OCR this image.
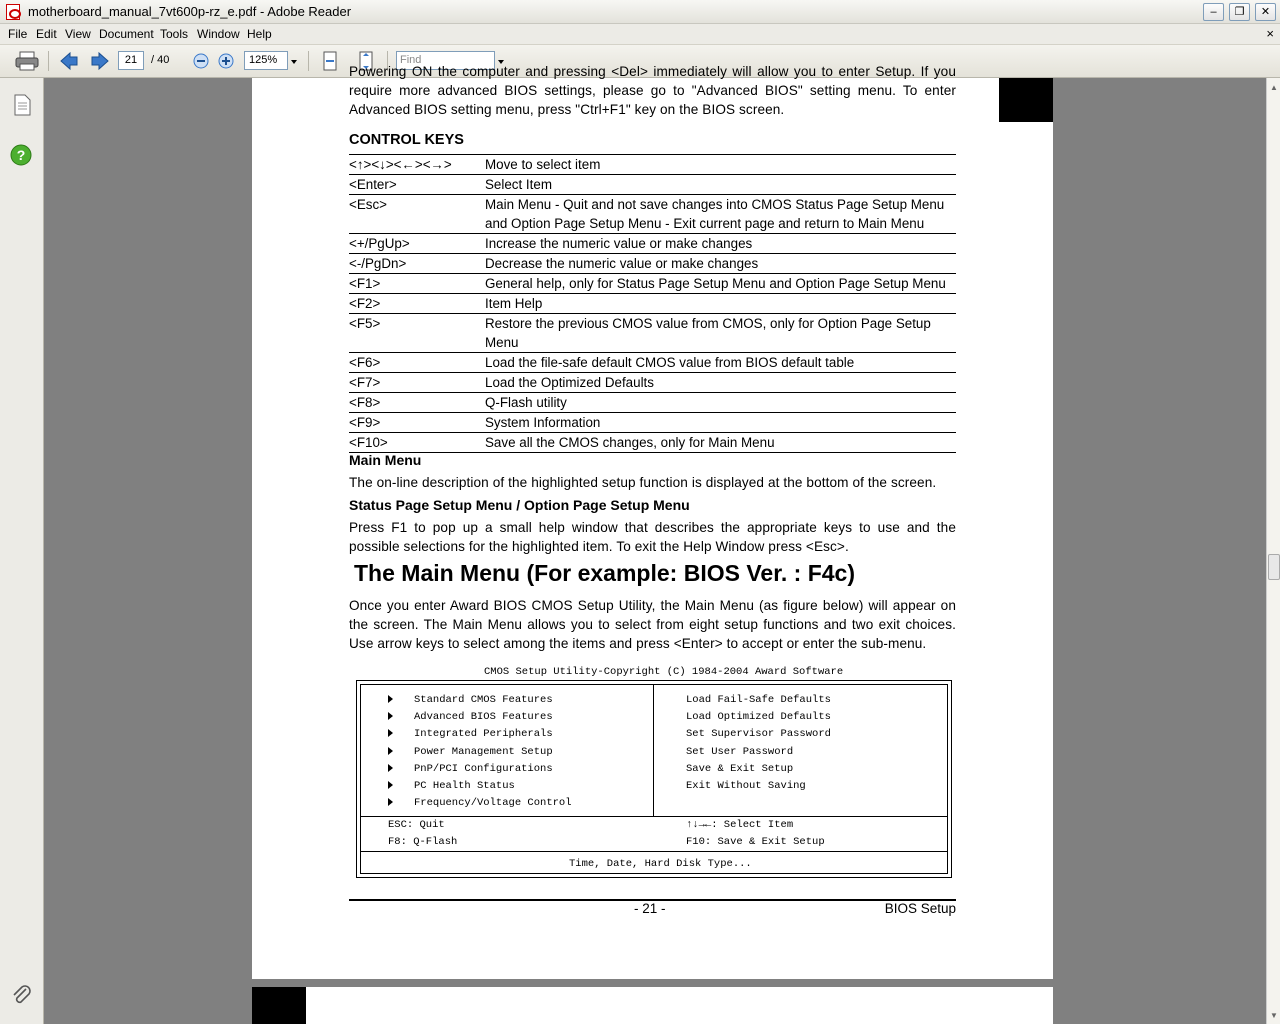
motherboard_manual_7vt600p-rz_e.pdf - Adobe Reader	–	❐	✕
File Edit View Document Tools Window Help	×
21	/ 40	125%	Find
?
▲
▼
Powering ON the computer and pressing <Del> immediately will allow you to enter Setup. If you require more advanced BIOS settings, please go to "Advanced BIOS" setting menu. To enter Advanced BIOS setting menu, press "Ctrl+F1" key on the BIOS screen.
CONTROL KEYS
<↑><↓><←><→>	Move to select item
<Enter>	Select Item
<Esc>	Main Menu - Quit and not save changes into CMOS Status Page Setup Menu and Option Page Setup Menu - Exit current page and return to Main Menu
<+/PgUp>	Increase the numeric value or make changes
<-/PgDn>	Decrease the numeric value or make changes
<F1>	General help, only for Status Page Setup Menu and Option Page Setup Menu
<F2>	Item Help
<F5>	Restore the previous CMOS value from CMOS, only for Option Page Setup Menu
<F6>	Load the file-safe default CMOS value from BIOS default table
<F7>	Load the Optimized Defaults
<F8>	Q-Flash utility
<F9>	System Information
<F10>	Save all the CMOS changes, only for Main Menu
Main Menu
The on-line description of the highlighted setup function is displayed at the bottom of the screen.
Status Page Setup Menu / Option Page Setup Menu
Press F1 to pop up a small help window that describes the appropriate keys to use and the possible selections for the highlighted item. To exit the Help Window press <Esc>.
The Main Menu (For example: BIOS Ver. : F4c)
Once you enter Award BIOS CMOS Setup Utility, the Main Menu (as figure below) will appear on the screen. The Main Menu allows you to select from eight setup functions and two exit choices. Use arrow keys to select among the items and press <Enter> to accept or enter the sub-menu.
CMOS Setup Utility-Copyright (C) 1984-2004 Award Software
Standard CMOS Features
Advanced BIOS Features
Integrated Peripherals
Power Management Setup
PnP/PCI Configurations
PC Health Status
Frequency/Voltage Control
Load Fail-Safe Defaults
Load Optimized Defaults
Set Supervisor Password
Set User Password
Save & Exit Setup
Exit Without Saving
ESC: Quit	↑↓→←: Select Item
F8: Q-Flash	F10: Save & Exit Setup
Time, Date, Hard Disk Type...
- 21 -	BIOS Setup
